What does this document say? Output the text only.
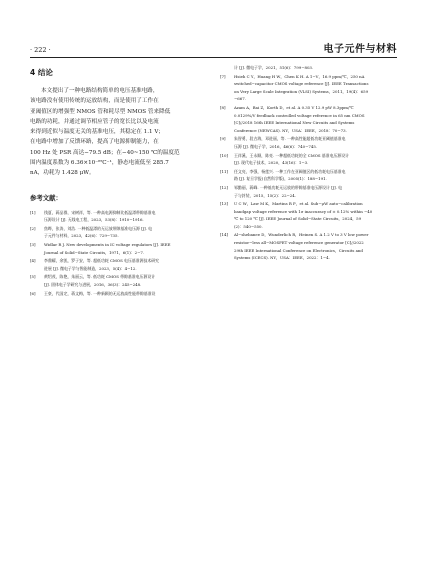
· 222 ·	电子元件与材料
4 结论
本文提出了一种电路结构简单的电压基准电路，
该电路没有使用传统的运放结构，而是使用了工作在
亚阈值区的增强型 NMOS 管和耗尽型 NMOS 管来降低
电路的功耗，并通过调节相应管子的宽长比以及电流
来得到近似与温度无关的基准电压，其稳定在 1.1 V；
在电路中增加了反馈环路，提高了电源抑制能力，在
100 Hz 处 PSR 高达−79.5 dB；在−40~150 ℃的温度范
围内温度系数为 6.36×10⁻⁶℃⁻¹，静态电流低至 285.7
nA，功耗为 1.428 μW。
参考文献：
[1]	钱夏，蒋品群，宋树祥，等. 一种高电源抑制比低温漂带隙基准电
压源设计 [J]. 无线电工程，2023，53(8)：1910−1916.
[2]	焦晔，张涛，刘浩. 一种低温漂的无运放带隙基准电压源 [J]. 电
子元件与材料，2023，42(6)：729−735.
[3]	Widlar R J. New developments in IC voltage regulators [J]. IEEE
Journal of Solid−State Circuits，1971，6(1)：2−7.
[4]	李鼎耀，余凯，罗子安，等. 超低功耗 CMOS 电压基准源技术研究
进展 [J]. 微电子学与智能制造，2023，5(4)：4−12.
[5]	黄绍茂，陈艳，朱丽云，等. 低功耗 CMOS 带隙基准电压源设计
[J]. 固体电子学研究与进展，2016，36(3)：245−248.
[6]	王豪，代国定，蒋文梅，等. 一种新颖的无运放高性能带隙基准设
计 [J]. 微电子学，2021，51(6)：799−803.
[7]	Hsieh C Y，Huang H W，Chen K H. A 1−V，16.9 ppm/℃，250 nA
switched−capacitor CMOS voltage reference [J]. IEEE Transactions
on Very Large Scale Integration (VLSI) Systems，2011，19(4)：659
−667.
[8]	Azam A，Bai Z，Korth D，et al. A 0.35 V 12.9 pW 8.3ppm/℃
0.0129%/V feedback controlled voltage reference in 65 nm CMOS
[C]//2018 16th IEEE International New Circuits and Systems
Conference (NEWCAS). NY，USA：IEEE，2018：70−73.
[9]	朱智勇，段吉海，邓进丽，等. 一种高性能超低功耗亚阈值基准电
压源 [J]. 微电子学，2016，46(6)：740−745.
[10]	王祥溪，王永顺，陈亮. 一种超低功耗的全 CMOS 基准电压源设计
[J]. 现代电子技术，2020，43(16)：1−3.
[11]	任文亮，李强，杨莲兴. 一种工作在亚阈值区的低功耗电压基准电
路 [J]. 复旦学报(自然科学版)，2005(1)：188−191.
[12]	邹勤丽，蒋峰. 一种低功耗无运放的带隙基准电压源设计 [J]. 电
子与封装，2015，15(2)：22−24.
[13]	U C W，Law M K，Martins R P，et al. Sub−μW auto−calibration
bandgap voltage reference with 1σ inaccuracy of ± 0.12% within −40
℃ to 120 ℃ [J]. IEEE Journal of Solid−State Circuits，2024，59
(2)：540−550.
[14]	Al−shebanee D，Wunderlich R，Heinen S. A 1.2 V to 3 V low power
resistor−less all−MOSFET voltage reference generator [C]//2022
29th IEEE International Conference on Electronics，Circuits and
Systems (ICECS). NY，USA：IEEE，2022：1−4.
